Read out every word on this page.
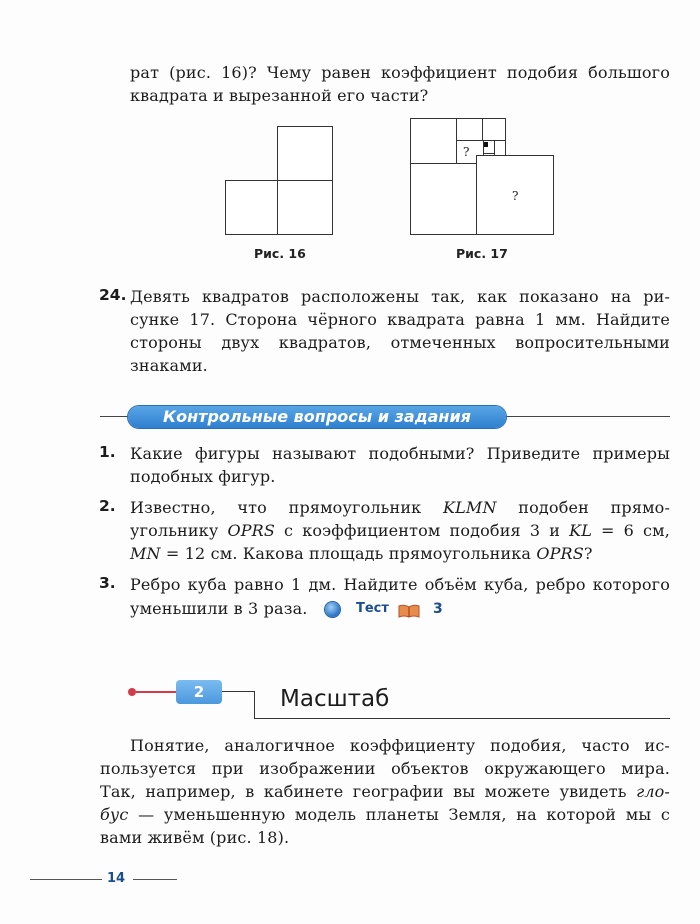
рат (рис. 16)? Чему равен коэффициент подобия большого
квадрата и вырезанной его части?
Рис. 16
?
?
Рис. 17
24. Девять квадратов расположены так, как показано на ри-
сунке 17. Сторона чёрного квадрата равна 1 мм. Найдите
стороны двух квадратов, отмеченных вопросительными
знаками.
Контрольные вопросы и задания
1. Какие фигуры называют подобными? Приведите примеры
подобных фигур.
2. Известно, что прямоугольник KLMN подобен прямо-
угольнику OPRS с коэффициентом подобия 3 и KL = 6 см,
MN = 12 см. Какова площадь прямоугольника OPRS?
3. Ребро куба равно 1 дм. Найдите объём куба, ребро которого
уменьшили в 3 раза.	Тест	3
2	Масштаб
Понятие, аналогичное коэффициенту подобия, часто ис-
пользуется при изображении объектов окружающего мира.
Так, например, в кабинете географии вы можете увидеть гло-
бус — уменьшенную модель планеты Земля, на которой мы с
вами живём (рис. 18).
14
